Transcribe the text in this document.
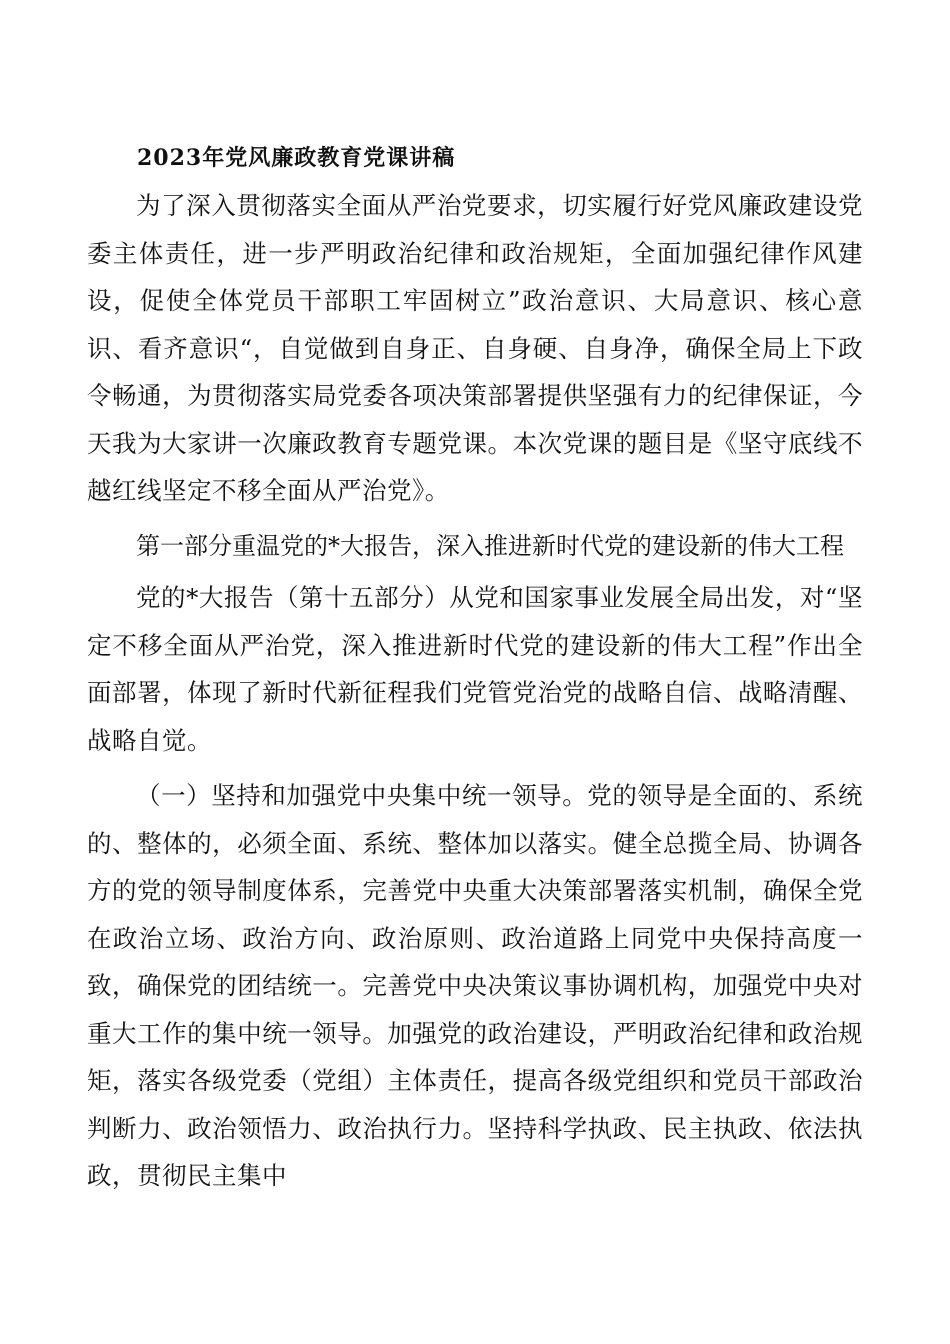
2023年党风廉政教育党课讲稿

为了深入贯彻落实全面从严治党要求，切实履行好党风廉政建设党委主体责任，进一步严明政治纪律和政治规矩，全面加强纪律作风建设，促使全体党员干部职工牢固树立”政治意识、大局意识、核心意识、看齐意识“，自觉做到自身正、自身硬、自身净，确保全局上下政令畅通，为贯彻落实局党委各项决策部署提供坚强有力的纪律保证，今天我为大家讲一次廉政教育专题党课。本次党课的题目是《坚守底线不越红线坚定不移全面从严治党》。

第一部分重温党的*大报告，深入推进新时代党的建设新的伟大工程

党的*大报告（第十五部分）从党和国家事业发展全局出发，对“坚定不移全面从严治党，深入推进新时代党的建设新的伟大工程”作出全面部署，体现了新时代新征程我们党管党治党的战略自信、战略清醒、战略自觉。

（一）坚持和加强党中央集中统一领导。党的领导是全面的、系统的、整体的，必须全面、系统、整体加以落实。健全总揽全局、协调各方的党的领导制度体系，完善党中央重大决策部署落实机制，确保全党在政治立场、政治方向、政治原则、政治道路上同党中央保持高度一致，确保党的团结统一。完善党中央决策议事协调机构，加强党中央对重大工作的集中统一领导。加强党的政治建设，严明政治纪律和政治规矩，落实各级党委（党组）主体责任，提高各级党组织和党员干部政治判断力、政治领悟力、政治执行力。坚持科学执政、民主执政、依法执政，贯彻民主集中
